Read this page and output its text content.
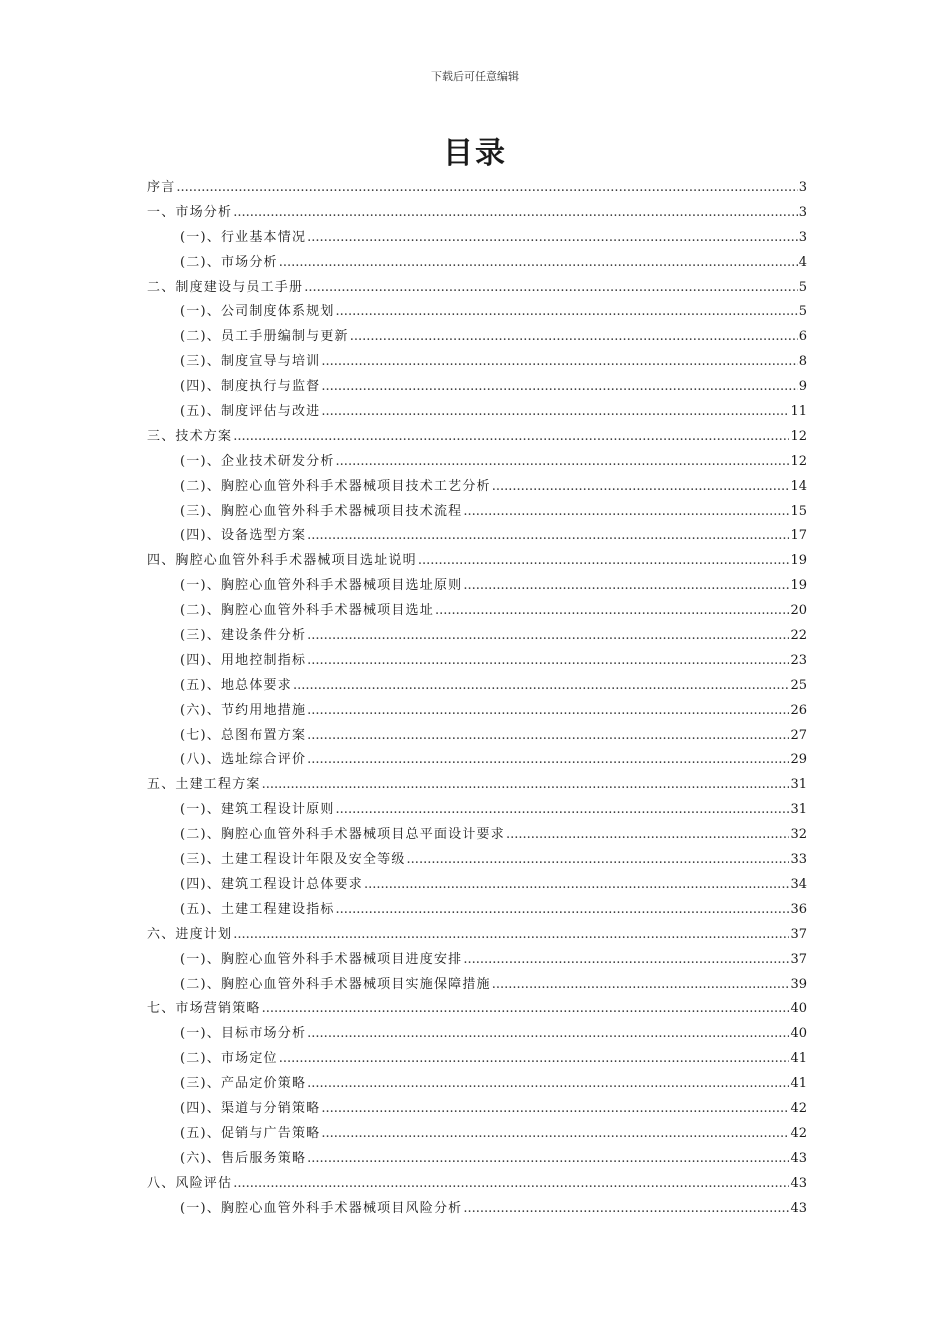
下载后可任意编辑
目录
序言 .....	3
一、市场分析 .....	3
(一)、行业基本情况 .....	3
(二)、市场分析 .....	4
二、制度建设与员工手册 .....	5
(一)、公司制度体系规划 .....	5
(二)、员工手册编制与更新 .....	6
(三)、制度宣导与培训 .....	8
(四)、制度执行与监督 .....	9
(五)、制度评估与改进 .....	11
三、技术方案 .....	12
(一)、企业技术研发分析 .....	12
(二)、胸腔心血管外科手术器械项目技术工艺分析 .....	14
(三)、胸腔心血管外科手术器械项目技术流程 .....	15
(四)、设备选型方案 .....	17
四、胸腔心血管外科手术器械项目选址说明 .....	19
(一)、胸腔心血管外科手术器械项目选址原则 .....	19
(二)、胸腔心血管外科手术器械项目选址 .....	20
(三)、建设条件分析 .....	22
(四)、用地控制指标 .....	23
(五)、地总体要求 .....	25
(六)、节约用地措施 .....	26
(七)、总图布置方案 .....	27
(八)、选址综合评价 .....	29
五、土建工程方案 .....	31
(一)、建筑工程设计原则 .....	31
(二)、胸腔心血管外科手术器械项目总平面设计要求 .....	32
(三)、土建工程设计年限及安全等级 .....	33
(四)、建筑工程设计总体要求 .....	34
(五)、土建工程建设指标 .....	36
六、进度计划 .....	37
(一)、胸腔心血管外科手术器械项目进度安排 .....	37
(二)、胸腔心血管外科手术器械项目实施保障措施 .....	39
七、市场营销策略 .....	40
(一)、目标市场分析 .....	40
(二)、市场定位 .....	41
(三)、产品定价策略 .....	41
(四)、渠道与分销策略 .....	42
(五)、促销与广告策略 .....	42
(六)、售后服务策略 .....	43
八、风险评估 .....	43
(一)、胸腔心血管外科手术器械项目风险分析 .....	43
